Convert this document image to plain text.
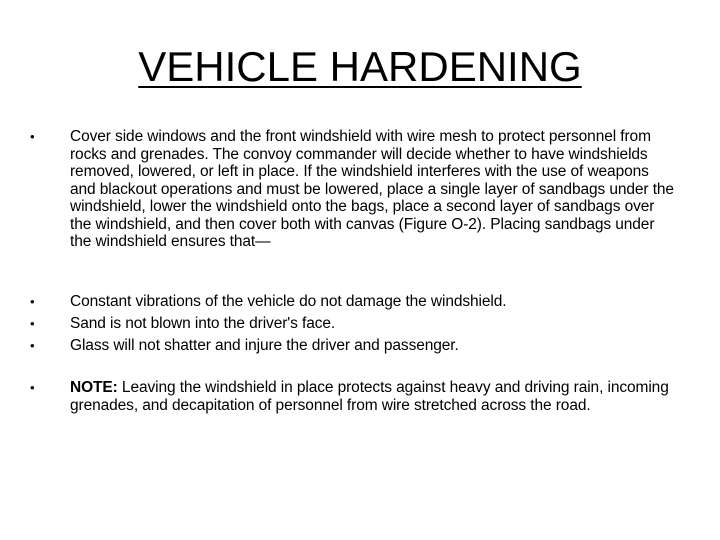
VEHICLE HARDENING
•	Cover side windows and the front windshield with wire mesh to protect personnel from rocks and grenades. The convoy commander will decide whether to have windshields removed, lowered, or left in place. If the windshield interferes with the use of weapons and blackout operations and must be lowered, place a single layer of sandbags under the windshield, lower the windshield onto the bags, place a second layer of sandbags over the windshield, and then cover both with canvas (Figure O-2). Placing sandbags under the windshield ensures that—
•	Constant vibrations of the vehicle do not damage the windshield.
•	Sand is not blown into the driver's face.
•	Glass will not shatter and injure the driver and passenger.
•	NOTE: Leaving the windshield in place protects against heavy and driving rain, incoming grenades, and decapitation of personnel from wire stretched across the road.
